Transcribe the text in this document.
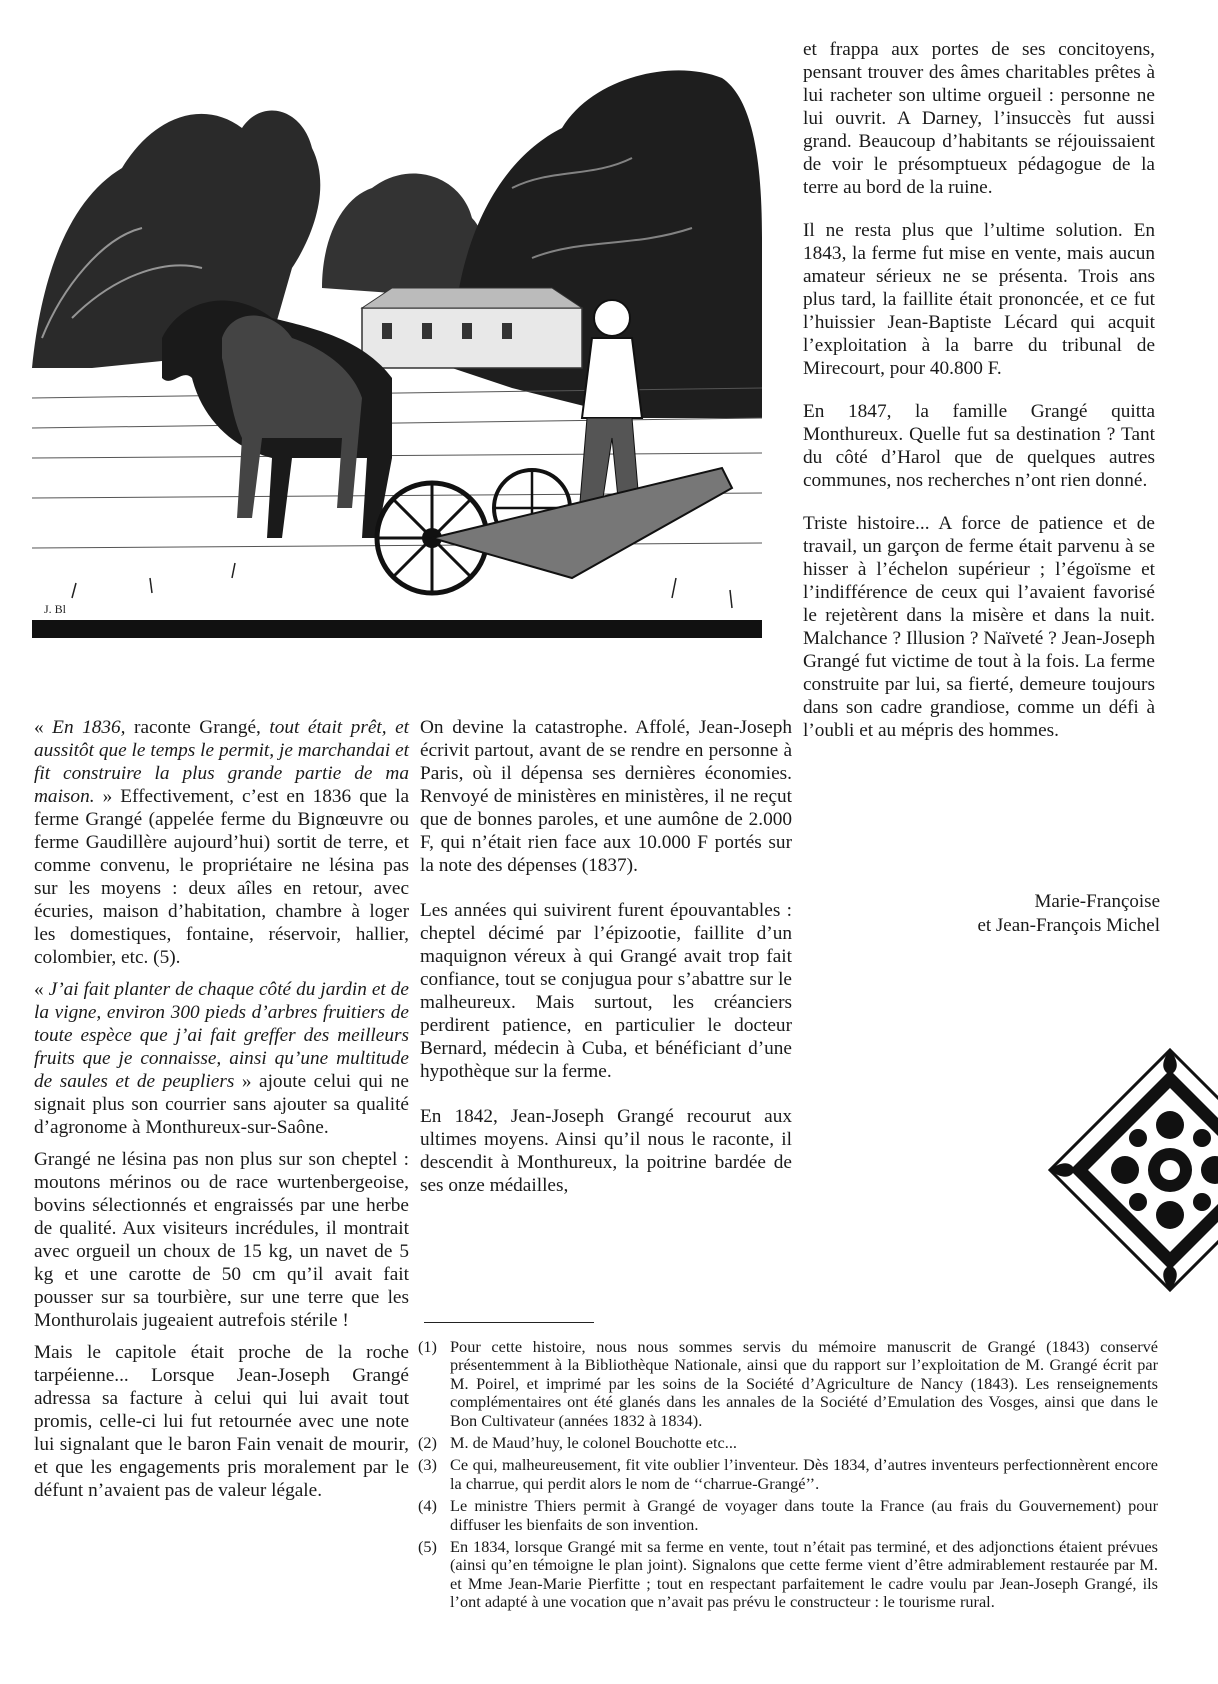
J. Bl

« En 1836, raconte Grangé, tout était prêt, et aussitôt que le temps le permit, je marchandai et fit construire la plus grande partie de ma maison. » Effectivement, c’est en 1836 que la ferme Grangé (appelée ferme du Bignœuvre ou ferme Gaudillère aujourd’hui) sortit de terre, et comme convenu, le propriétaire ne lésina pas sur les moyens : deux aîles en retour, avec écuries, maison d’habitation, chambre à loger les domestiques, fontaine, réservoir, hallier, colombier, etc. (5).

« J’ai fait planter de chaque côté du jardin et de la vigne, environ 300 pieds d’arbres fruitiers de toute espèce que j’ai fait greffer des meilleurs fruits que je connaisse, ainsi qu’une multitude de saules et de peupliers » ajoute celui qui ne signait plus son courrier sans ajouter sa qualité d’agronome à Monthureux-sur-Saône.

Grangé ne lésina pas non plus sur son cheptel : moutons mérinos ou de race wurtenbergeoise, bovins sélectionnés et engraissés par une herbe de qualité. Aux visiteurs incrédules, il montrait avec orgueil un choux de 15 kg, un navet de 5 kg et une carotte de 50 cm qu’il avait fait pousser sur sa tourbière, sur une terre que les Monthurolais jugeaient autrefois stérile !

Mais le capitole était proche de la roche tarpéienne... Lorsque Jean-Joseph Grangé adressa sa facture à celui qui lui avait tout promis, celle-ci lui fut retournée avec une note lui signalant que le baron Fain venait de mourir, et que les engagements pris moralement par le défunt n’avaient pas de valeur légale.

On devine la catastrophe. Affolé, Jean-Joseph écrivit partout, avant de se rendre en personne à Paris, où il dépensa ses dernières économies. Renvoyé de ministères en ministères, il ne reçut que de bonnes paroles, et une aumône de 2.000 F, qui n’était rien face aux 10.000 F portés sur la note des dépenses (1837).

Les années qui suivirent furent épouvantables : cheptel décimé par l’épizootie, faillite d’un maquignon véreux à qui Grangé avait trop fait confiance, tout se conjugua pour s’abattre sur le malheureux. Mais surtout, les créanciers perdirent patience, en particulier le docteur Bernard, médecin à Cuba, et bénéficiant d’une hypothèque sur la ferme.

En 1842, Jean-Joseph Grangé recourut aux ultimes moyens. Ainsi qu’il nous le raconte, il descendit à Monthureux, la poitrine bardée de ses onze médailles,

et frappa aux portes de ses concitoyens, pensant trouver des âmes charitables prêtes à lui racheter son ultime orgueil : personne ne lui ouvrit. A Darney, l’insuccès fut aussi grand. Beaucoup d’habitants se réjouissaient de voir le présomptueux pédagogue de la terre au bord de la ruine.

Il ne resta plus que l’ultime solution. En 1843, la ferme fut mise en vente, mais aucun amateur sérieux ne se présenta. Trois ans plus tard, la faillite était prononcée, et ce fut l’huissier Jean-Baptiste Lécard qui acquit l’exploitation à la barre du tribunal de Mirecourt, pour 40.800 F.

En 1847, la famille Grangé quitta Monthureux. Quelle fut sa destination ? Tant du côté d’Harol que de quelques autres communes, nos recherches n’ont rien donné.

Triste histoire... A force de patience et de travail, un garçon de ferme était parvenu à se hisser à l’échelon supérieur ; l’égoïsme et l’indifférence de ceux qui l’avaient favorisé le rejetèrent dans la misère et dans la nuit. Malchance ? Illusion ? Naïveté ? Jean-Joseph Grangé fut victime de tout à la fois. La ferme construite par lui, sa fierté, demeure toujours dans son cadre grandiose, comme un défi à l’oubli et au mépris des hommes.

Marie-Françoise
et Jean-François Michel
(1) Pour cette histoire, nous nous sommes servis du mémoire manuscrit de Grangé (1843) conservé présentemment à la Bibliothèque Nationale, ainsi que du rapport sur l’exploitation de M. Grangé écrit par M. Poirel, et imprimé par les soins de la Société d’Agriculture de Nancy (1843). Les renseignements complémentaires ont été glanés dans les annales de la Société d’Emulation des Vosges, ainsi que dans le Bon Cultivateur (années 1832 à 1834).
(2) M. de Maud’huy, le colonel Bouchotte etc...
(3) Ce qui, malheureusement, fit vite oublier l’inventeur. Dès 1834, d’autres inventeurs perfectionnèrent encore la charrue, qui perdit alors le nom de ‘‘charrue-Grangé’’.
(4) Le ministre Thiers permit à Grangé de voyager dans toute la France (au frais du Gouvernement) pour diffuser les bienfaits de son invention.
(5) En 1834, lorsque Grangé mit sa ferme en vente, tout n’était pas terminé, et des adjonctions étaient prévues (ainsi qu’en témoigne le plan joint). Signalons que cette ferme vient d’être admirablement restaurée par M. et Mme Jean-Marie Pierfitte ; tout en respectant parfaitement le cadre voulu par Jean-Joseph Grangé, ils l’ont adapté à une vocation que n’avait pas prévu le constructeur : le tourisme rural.
